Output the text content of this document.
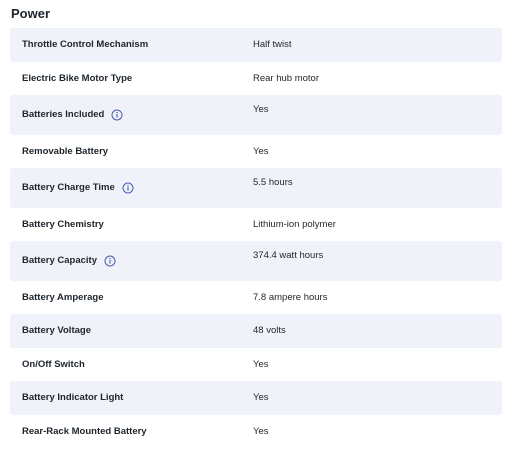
Power
Throttle Control Mechanism	Half twist
Electric Bike Motor Type	Rear hub motor
Batteries Included	Yes
Removable Battery	Yes
Battery Charge Time	5.5 hours
Battery Chemistry	Lithium-ion polymer
Battery Capacity	374.4 watt hours
Battery Amperage	7.8 ampere hours
Battery Voltage	48 volts
On/Off Switch	Yes
Battery Indicator Light	Yes
Rear-Rack Mounted Battery	Yes
